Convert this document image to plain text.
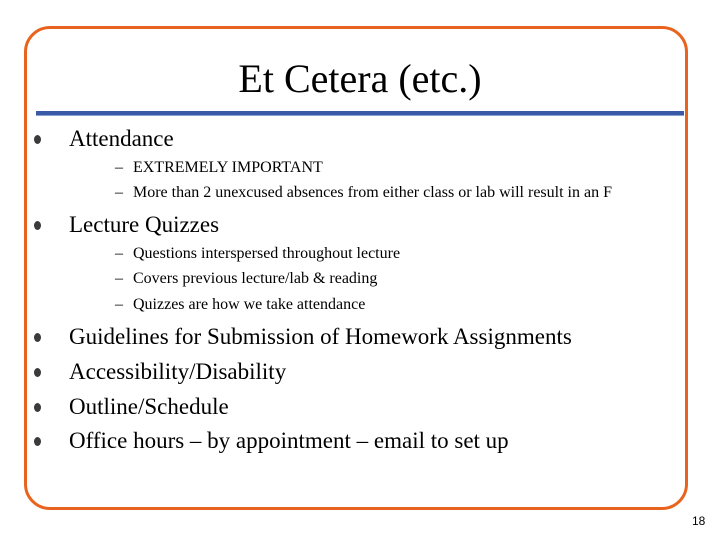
Et Cetera (etc.)
Attendance
– EXTREMELY IMPORTANT
– More than 2 unexcused absences from either class or lab will result in an F
Lecture Quizzes
– Questions interspersed throughout lecture
– Covers previous lecture/lab & reading
– Quizzes are how we take attendance
Guidelines for Submission of Homework Assignments
Accessibility/Disability
Outline/Schedule
Office hours – by appointment – email to set up
18
